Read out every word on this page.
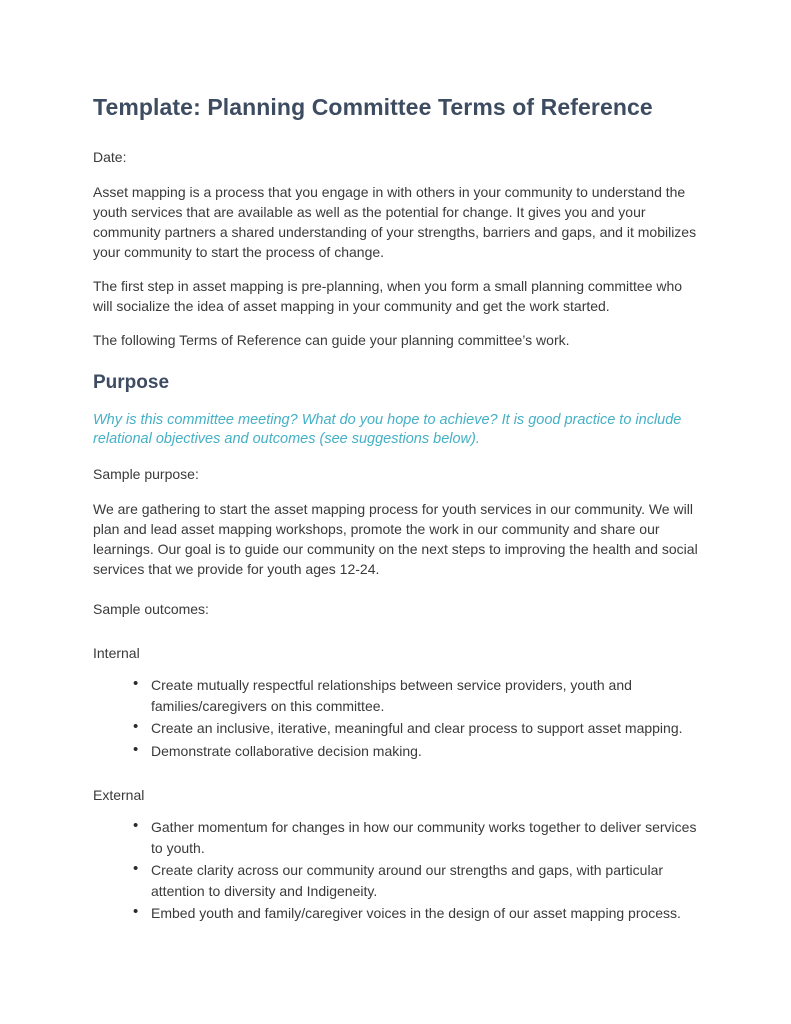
Template: Planning Committee Terms of Reference

Date:

Asset mapping is a process that you engage in with others in your community to understand the youth services that are available as well as the potential for change. It gives you and your community partners a shared understanding of your strengths, barriers and gaps, and it mobilizes your community to start the process of change.

The first step in asset mapping is pre-planning, when you form a small planning committee who will socialize the idea of asset mapping in your community and get the work started.

The following Terms of Reference can guide your planning committee’s work.

Purpose

Why is this committee meeting? What do you hope to achieve? It is good practice to include relational objectives and outcomes (see suggestions below).

Sample purpose:

We are gathering to start the asset mapping process for youth services in our community. We will plan and lead asset mapping workshops, promote the work in our community and share our learnings. Our goal is to guide our community on the next steps to improving the health and social services that we provide for youth ages 12-24.

Sample outcomes:

Internal

• Create mutually respectful relationships between service providers, youth and families/caregivers on this committee.
• Create an inclusive, iterative, meaningful and clear process to support asset mapping.
• Demonstrate collaborative decision making.

External

• Gather momentum for changes in how our community works together to deliver services to youth.
• Create clarity across our community around our strengths and gaps, with particular attention to diversity and Indigeneity.
• Embed youth and family/caregiver voices in the design of our asset mapping process.
